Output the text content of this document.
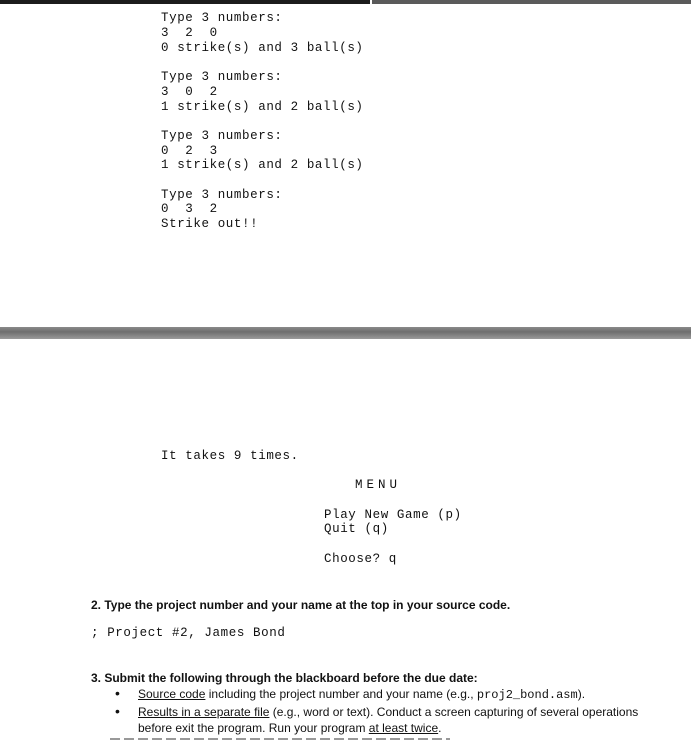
Type 3 numbers:
3  2  0
0 strike(s) and 3 ball(s)
Type 3 numbers:
3  0  2
1 strike(s) and 2 ball(s)
Type 3 numbers:
0  2  3
1 strike(s) and 2 ball(s)
Type 3 numbers:
0  3  2
Strike out!!
It takes 9 times.
MENU
Play New Game (p)
Quit (q)
Choose? q
2. Type the project number and your name at the top in your source code.
; Project #2, James Bond
3. Submit the following through the blackboard before the due date:
• Source code including the project number and your name (e.g., proj2_bond.asm).
• Results in a separate file (e.g., word or text). Conduct a screen capturing of several operations before exit the program. Run your program at least twice.
